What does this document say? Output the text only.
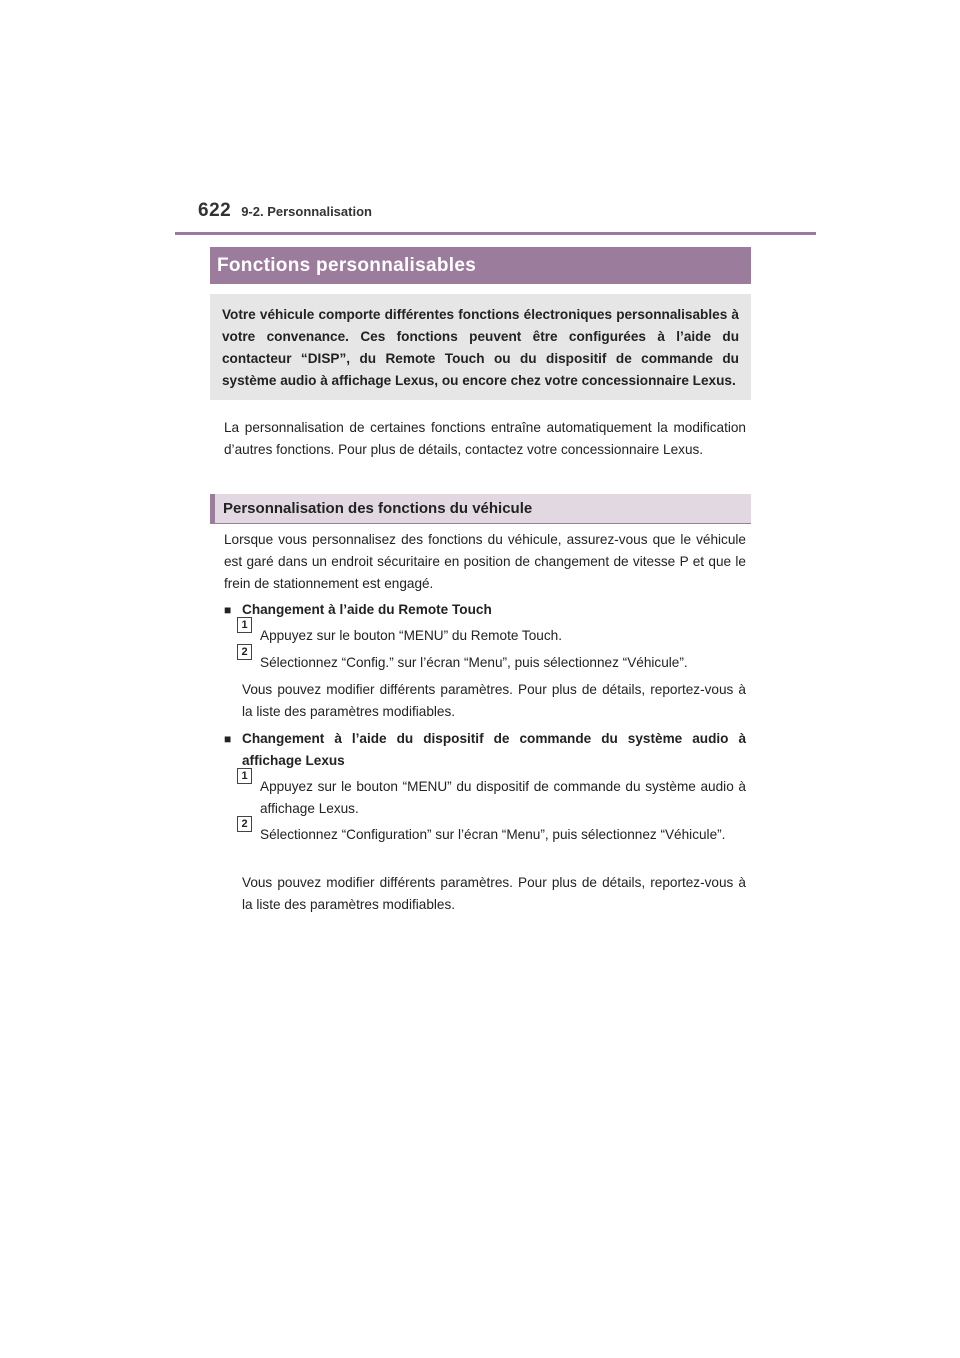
622 9-2. Personnalisation
Fonctions personnalisables
Votre véhicule comporte différentes fonctions électroniques personnalisables à votre convenance. Ces fonctions peuvent être configurées à l’aide du contacteur “DISP”, du Remote Touch ou du dispositif de commande du système audio à affichage Lexus, ou encore chez votre concessionnaire Lexus.
La personnalisation de certaines fonctions entraîne automatiquement la modification d’autres fonctions. Pour plus de détails, contactez votre concessionnaire Lexus.
Personnalisation des fonctions du véhicule
Lorsque vous personnalisez des fonctions du véhicule, assurez-vous que le véhicule est garé dans un endroit sécuritaire en position de changement de vitesse P et que le frein de stationnement est engagé.
■ Changement à l’aide du Remote Touch
1
Appuyez sur le bouton “MENU” du Remote Touch.
2
Sélectionnez “Config.” sur l’écran “Menu”, puis sélectionnez “Véhicule”.
Vous pouvez modifier différents paramètres. Pour plus de détails, reportez-vous à la liste des paramètres modifiables.
■ Changement à l’aide du dispositif de commande du système audio à affichage Lexus
1
Appuyez sur le bouton “MENU” du dispositif de commande du système audio à affichage Lexus.
2
Sélectionnez “Configuration” sur l’écran “Menu”, puis sélectionnez “Véhicule”.
Vous pouvez modifier différents paramètres. Pour plus de détails, reportez-vous à la liste des paramètres modifiables.
